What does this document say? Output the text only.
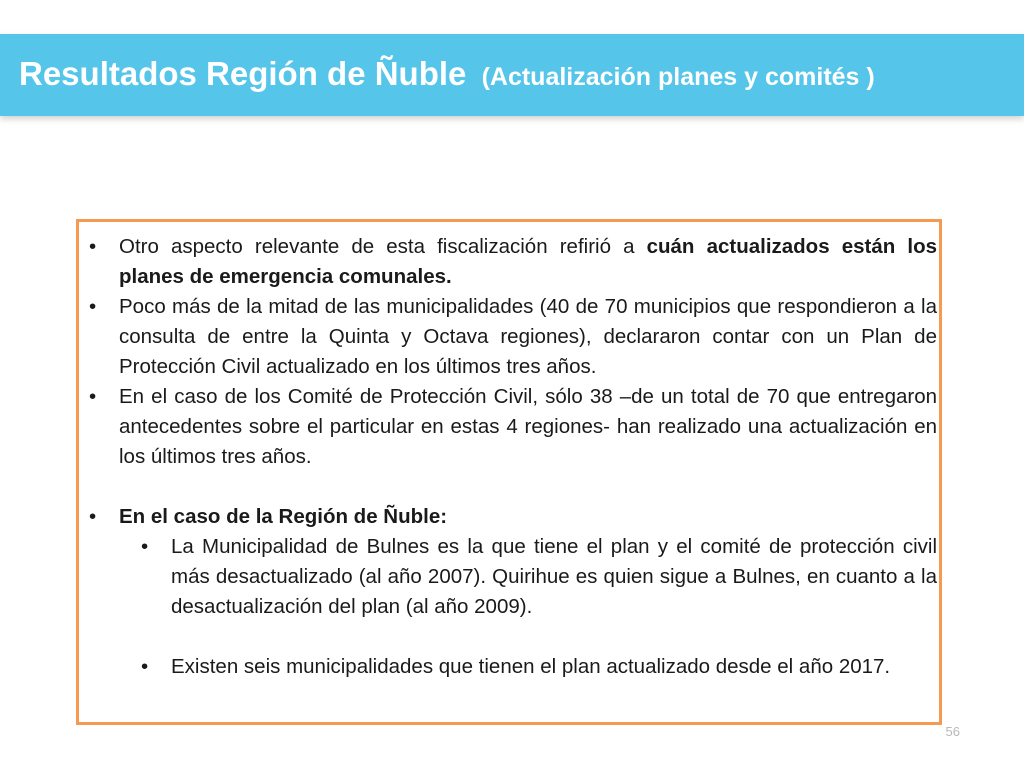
Resultados Región de Ñuble (Actualización planes y comités )
• Otro aspecto relevante de esta fiscalización refirió a cuán actualizados están los planes de emergencia comunales.
• Poco más de la mitad de las municipalidades (40 de 70 municipios que respondieron a la consulta de entre la Quinta y Octava regiones), declararon contar con un Plan de Protección Civil actualizado en los últimos tres años.
• En el caso de los Comité de Protección Civil, sólo 38 –de un total de 70 que entregaron antecedentes sobre el particular en estas 4 regiones- han realizado una actualización en los últimos tres años.
• En el caso de la Región de Ñuble:
• La Municipalidad de Bulnes es la que tiene el plan y el comité de protección civil más desactualizado (al año 2007). Quirihue es quien sigue a Bulnes, en cuanto a la desactualización del plan (al año 2009).
• Existen seis municipalidades que tienen el plan actualizado desde el año 2017.
56
